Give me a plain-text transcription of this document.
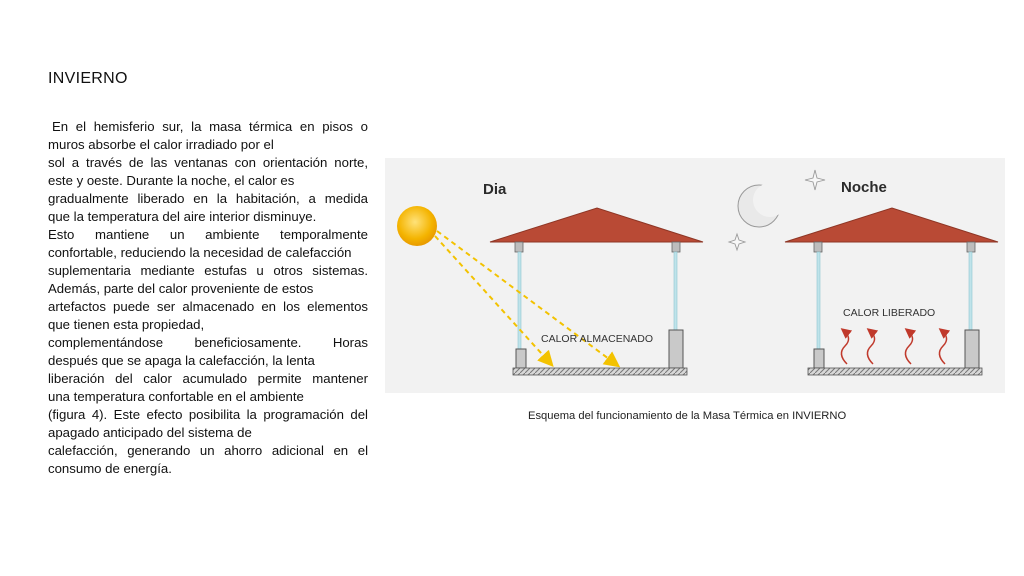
INVIERNO
En el hemisferio sur, la masa térmica en pisos o
muros absorbe el calor irradiado por el
sol a través de las ventanas con orientación norte,
este y oeste. Durante la noche, el calor es
gradualmente liberado en la habitación, a medida
que la temperatura del aire interior disminuye.
Esto mantiene un ambiente temporalmente
confortable, reduciendo la necesidad de calefacción
suplementaria mediante estufas u otros sistemas.
Además, parte del calor proveniente de estos
artefactos puede ser almacenado en los elementos
que tienen esta propiedad,
complementándose beneficiosamente. Horas
después que se apaga la calefacción, la lenta
liberación del calor acumulado permite mantener
una temperatura confortable en el ambiente
(figura 4). Este efecto posibilita la programación del
apagado anticipado del sistema de
calefacción, generando un ahorro adicional en el
consumo de energía.
Dia
CALOR ALMACENADO
Noche
CALOR LIBERADO
Esquema del funcionamiento de la Masa Térmica en INVIERNO
